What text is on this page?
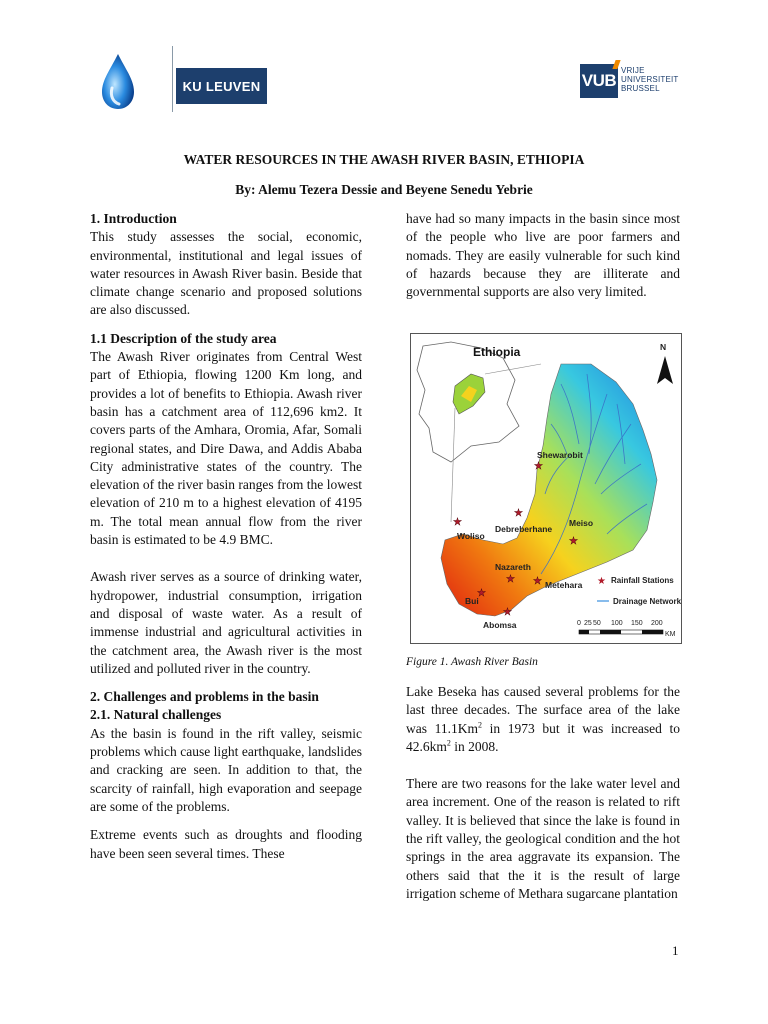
KU LEUVEN	VUB
VRIJE
UNIVERSITEIT
BRUSSEL
WATER RESOURCES IN THE AWASH RIVER BASIN, ETHIOPIA
By: Alemu Tezera Dessie and Beyene Senedu Yebrie

1. Introduction

This study assesses the social, economic, environmental, institutional and legal issues of water resources in Awash River basin. Beside that climate change scenario and proposed solutions are also discussed.

1.1 Description of the study area

The Awash River originates from Central West part of Ethiopia, flowing 1200 Km long, and provides a lot of benefits to Ethiopia. Awash river basin has a catchment area of 112,696 km2. It covers parts of the Amhara, Oromia, Afar, Somali regional states, and Dire Dawa, and Addis Ababa City administrative states of the country. The elevation of the river basin ranges from the lowest elevation of 210 m to a highest elevation of 4195 m. The total mean annual flow from the river basin is estimated to be 4.9 BMC.

Awash river serves as a source of drinking water, hydropower, industrial consumption, irrigation and disposal of waste water. As a result of immense industrial and agricultural activities in the catchment area, the Awash river is the most utilized and polluted river in the country.

2. Challenges and problems in the basin

2.1. Natural challenges

As the basin is found in the rift valley, seismic problems which cause light earthquake, landslides and cracking are seen. In addition to that, the scarcity of rainfall, high evaporation and seepage are some of the problems.

Extreme events such as droughts and flooding have been seen several times. These

have had so many impacts in the basin since most of the people who live are poor farmers and nomads. They are easily vulnerable for such kind of hazards because they are illiterate and governmental supports are also very limited.

Ethiopia	N
★
★
★
★
★ ★
★
★
Shewarobit
Debreberhane
Meiso
Woliso
Nazareth
Metehara
Bui
Abomsa
★ Rainfall Stations
Drainage Network
0 25 50 100 150 200
KM
Figure 1. Awash River Basin

Lake Beseka has caused several problems for the last three decades. The surface area of the lake was 11.1Km$^2$ in 1973 but it was increased to $42.6km^2$ in 2008.

There are two reasons for the lake water level and area increment. One of the reason is related to rift valley. It is believed that since the lake is found in the rift valley, the geological condition and the hot springs in the area aggravate its expansion. The others said that the it is the result of large irrigation scheme of Methara sugarcane plantation

1
